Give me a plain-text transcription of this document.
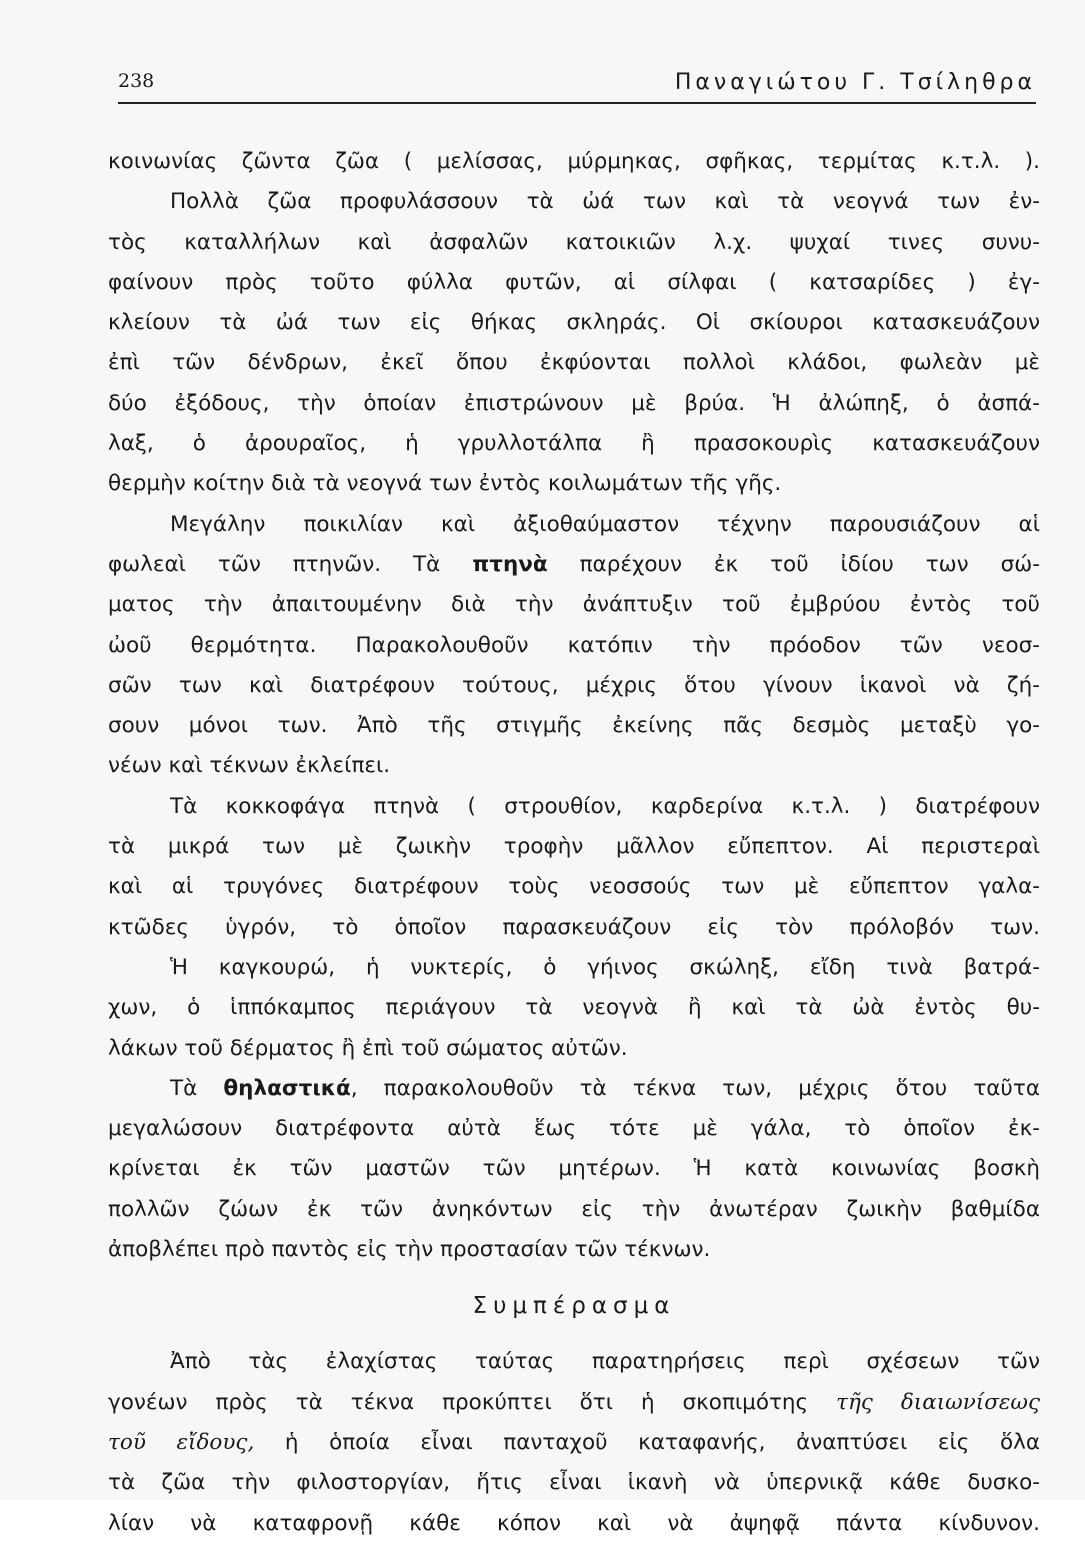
238	Παναγιώτου Γ. Τσίληθρα
κοινωνίας ζῶντα ζῶα ( μελίσσας, μύρμηκας, σφῆκας, τερμίτας κ.τ.λ. ).
Πολλὰ ζῶα προφυλάσσουν τὰ ὠά των καὶ τὰ νεογνά των ἐν-
τὸς καταλλήλων καὶ ἀσφαλῶν κατοικιῶν λ.χ. ψυχαί τινες συνυ-
φαίνουν πρὸς τοῦτο φύλλα φυτῶν, αἱ σίλφαι ( κατσαρίδες ) ἐγ-
κλείουν τὰ ὠά των εἰς θήκας σκληράς. Οἱ σκίουροι κατασκευάζουν
ἐπὶ τῶν δένδρων, ἐκεῖ ὅπου ἐκφύονται πολλοὶ κλάδοι, φωλεὰν μὲ
δύο ἐξόδους, τὴν ὁποίαν ἐπιστρώνουν μὲ βρύα. Ἡ ἀλώπηξ, ὁ ἀσπά-
λαξ, ὁ ἀρουραῖος, ἡ γρυλλοτάλπα ἢ πρασοκουρὶς κατασκευάζουν
θερμὴν κοίτην διὰ τὰ νεογνά των ἐντὸς κοιλωμάτων τῆς γῆς.
Μεγάλην ποικιλίαν καὶ ἀξιοθαύμαστον τέχνην παρουσιάζουν αἱ
φωλεαὶ τῶν πτηνῶν. Τὰ πτηνὰ παρέχουν ἐκ τοῦ ἰδίου των σώ-
ματος τὴν ἀπαιτουμένην διὰ τὴν ἀνάπτυξιν τοῦ ἐμβρύου ἐντὸς τοῦ
ὠοῦ θερμότητα. Παρακολουθοῦν κατόπιν τὴν πρόοδον τῶν νεοσ-
σῶν των καὶ διατρέφουν τούτους, μέχρις ὅτου γίνουν ἱκανοὶ νὰ ζή-
σουν μόνοι των. Ἀπὸ τῆς στιγμῆς ἐκείνης πᾶς δεσμὸς μεταξὺ γο-
νέων καὶ τέκνων ἐκλείπει.
Τὰ κοκκοφάγα πτηνὰ ( στρουθίον, καρδερίνα κ.τ.λ. ) διατρέφουν
τὰ μικρά των μὲ ζωικὴν τροφὴν μᾶλλον εὔπεπτον. Αἱ περιστεραὶ
καὶ αἱ τρυγόνες διατρέφουν τοὺς νεοσσούς των μὲ εὔπεπτον γαλα-
κτῶδες ὑγρόν, τὸ ὁποῖον παρασκευάζουν εἰς τὸν πρόλοβόν των.
Ἡ καγκουρώ, ἡ νυκτερίς, ὁ γήινος σκώληξ, εἴδη τινὰ βατρά-
χων, ὁ ἱππόκαμπος περιάγουν τὰ νεογνὰ ἢ καὶ τὰ ὠὰ ἐντὸς θυ-
λάκων τοῦ δέρματος ἢ ἐπὶ τοῦ σώματος αὐτῶν.
Τὰ θηλαστικά, παρακολουθοῦν τὰ τέκνα των, μέχρις ὅτου ταῦτα
μεγαλώσουν διατρέφοντα αὐτὰ ἕως τότε μὲ γάλα, τὸ ὁποῖον ἐκ-
κρίνεται ἐκ τῶν μαστῶν τῶν μητέρων. Ἡ κατὰ κοινωνίας βοσκὴ
πολλῶν ζώων ἐκ τῶν ἀνηκόντων εἰς τὴν ἀνωτέραν ζωικὴν βαθμίδα
ἀποβλέπει πρὸ παντὸς εἰς τὴν προστασίαν τῶν τέκνων.
Συμπέρασμα
Ἀπὸ τὰς ἐλαχίστας ταύτας παρατηρήσεις περὶ σχέσεων τῶν
γονέων πρὸς τὰ τέκνα προκύπτει ὅτι ἡ σκοπιμότης τῆς διαιωνίσεως
τοῦ εἴδους, ἡ ὁποία εἶναι πανταχοῦ καταφανής, ἀναπτύσει εἰς ὅλα
τὰ ζῶα τὴν φιλοστοργίαν, ἥτις εἶναι ἱκανὴ νὰ ὑπερνικᾷ κάθε δυσκο-
λίαν νὰ καταφρονῇ κάθε κόπον καὶ νὰ ἀψηφᾷ πάντα κίνδυνον.
